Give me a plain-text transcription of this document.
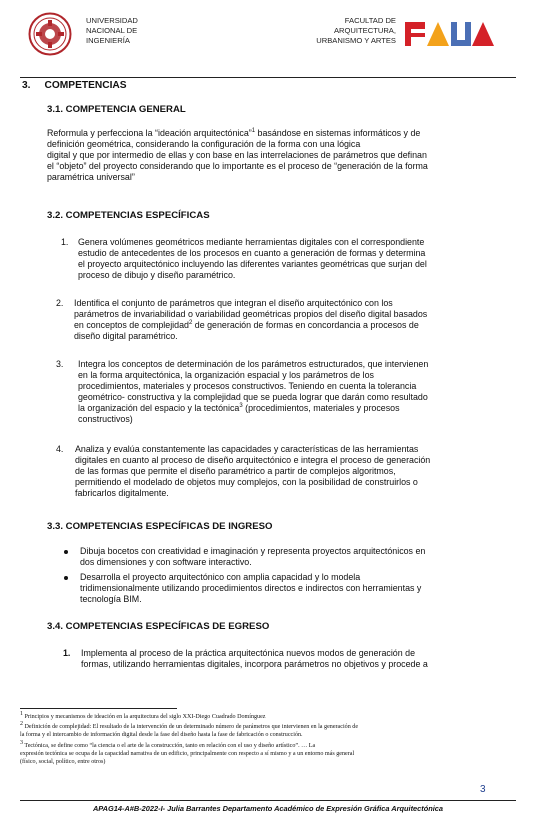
UNIVERSIDAD
NACIONAL DE
INGENIERÍA
FACULTAD DE
ARQUITECTURA,
URBANISMO Y ARTES
3. COMPETENCIAS
3.1. COMPETENCIA GENERAL
Reformula y perfecciona la “ideación arquitectónica”$^1$ basándose en sistemas informáticos y de
definición geométrica, considerando la configuración de la forma con una lógica
digital y que por intermedio de ellas y con base en las interrelaciones de parámetros que definan
el “objeto” del proyecto considerando que lo importante es el proceso de “generación de la forma
paramétrica universal”
3.2. COMPETENCIAS ESPECÍFICAS
1. Genera volúmenes geométricos mediante herramientas digitales con el correspondiente
estudio de antecedentes de los procesos en cuanto a generación de formas y determina
el proyecto arquitectónico incluyendo las diferentes variantes geométricas que surjan del
proceso de dibujo y diseño paramétrico.
2. Identifica el conjunto de parámetros que integran el diseño arquitectónico con los
parámetros de invariabilidad o variabilidad geométricas propios del diseño digital basados
en conceptos de complejidad$^2$ de generación de formas en concordancia a procesos de
diseño digital paramétrico.
3. Integra los conceptos de determinación de los parámetros estructurados, que intervienen
en la forma arquitectónica, la organización espacial y los parámetros de los
procedimientos, materiales y procesos constructivos. Teniendo en cuenta la tolerancia
geométrico- constructiva y la complejidad que se pueda lograr que darán como resultado
la organización del espacio y la tectónica$^3$ (procedimientos, materiales y procesos
constructivos)
4. Analiza y evalúa constantemente las capacidades y características de las herramientas
digitales en cuanto al proceso de diseño arquitectónico e integra el proceso de generación
de las formas que permite el diseño paramétrico a partir de complejos algoritmos,
permitiendo el modelado de objetos muy complejos, con la posibilidad de construirlos o
fabricarlos digitalmente.
3.3. COMPETENCIAS ESPECÍFICAS DE INGRESO
Dibuja bocetos con creatividad e imaginación y representa proyectos arquitectónicos en
dos dimensiones y con software interactivo.
Desarrolla el proyecto arquitectónico con amplia capacidad y lo modela
tridimensionalmente utilizando procedimientos directos e indirectos con herramientas y
tecnología BIM.
3.4. COMPETENCIAS ESPECÍFICAS DE EGRESO
1. Implementa al proceso de la práctica arquitectónica nuevos modos de generación de
formas, utilizando herramientas digitales, incorpora parámetros no objetivos y procede a
$^1$ Principios y mecanismos de ideación en la arquitectura del siglo XXI-Diego Cuadrado Domínguez
$^2$ Definición de complejidad: El resultado de la intervención de un determinado número de parámetros que intervienen en la generación de
la forma y el intercambio de información digital desde la fase del diseño hasta la fase de fabricación o construcción.
$^3$ Tectónica, se define como “la ciencia o el arte de la construcción, tanto en relación con el uso y diseño artístico”. … La
expresión tectónica se ocupa de la capacidad narrativa de un edificio, principalmente con respecto a sí mismo y a un entorno más general
(físico, social, político, entre otros)
3
APAG14-A#B-2022-I- Julia Barrantes Departamento Académico de Expresión Gráfica Arquitectónica
